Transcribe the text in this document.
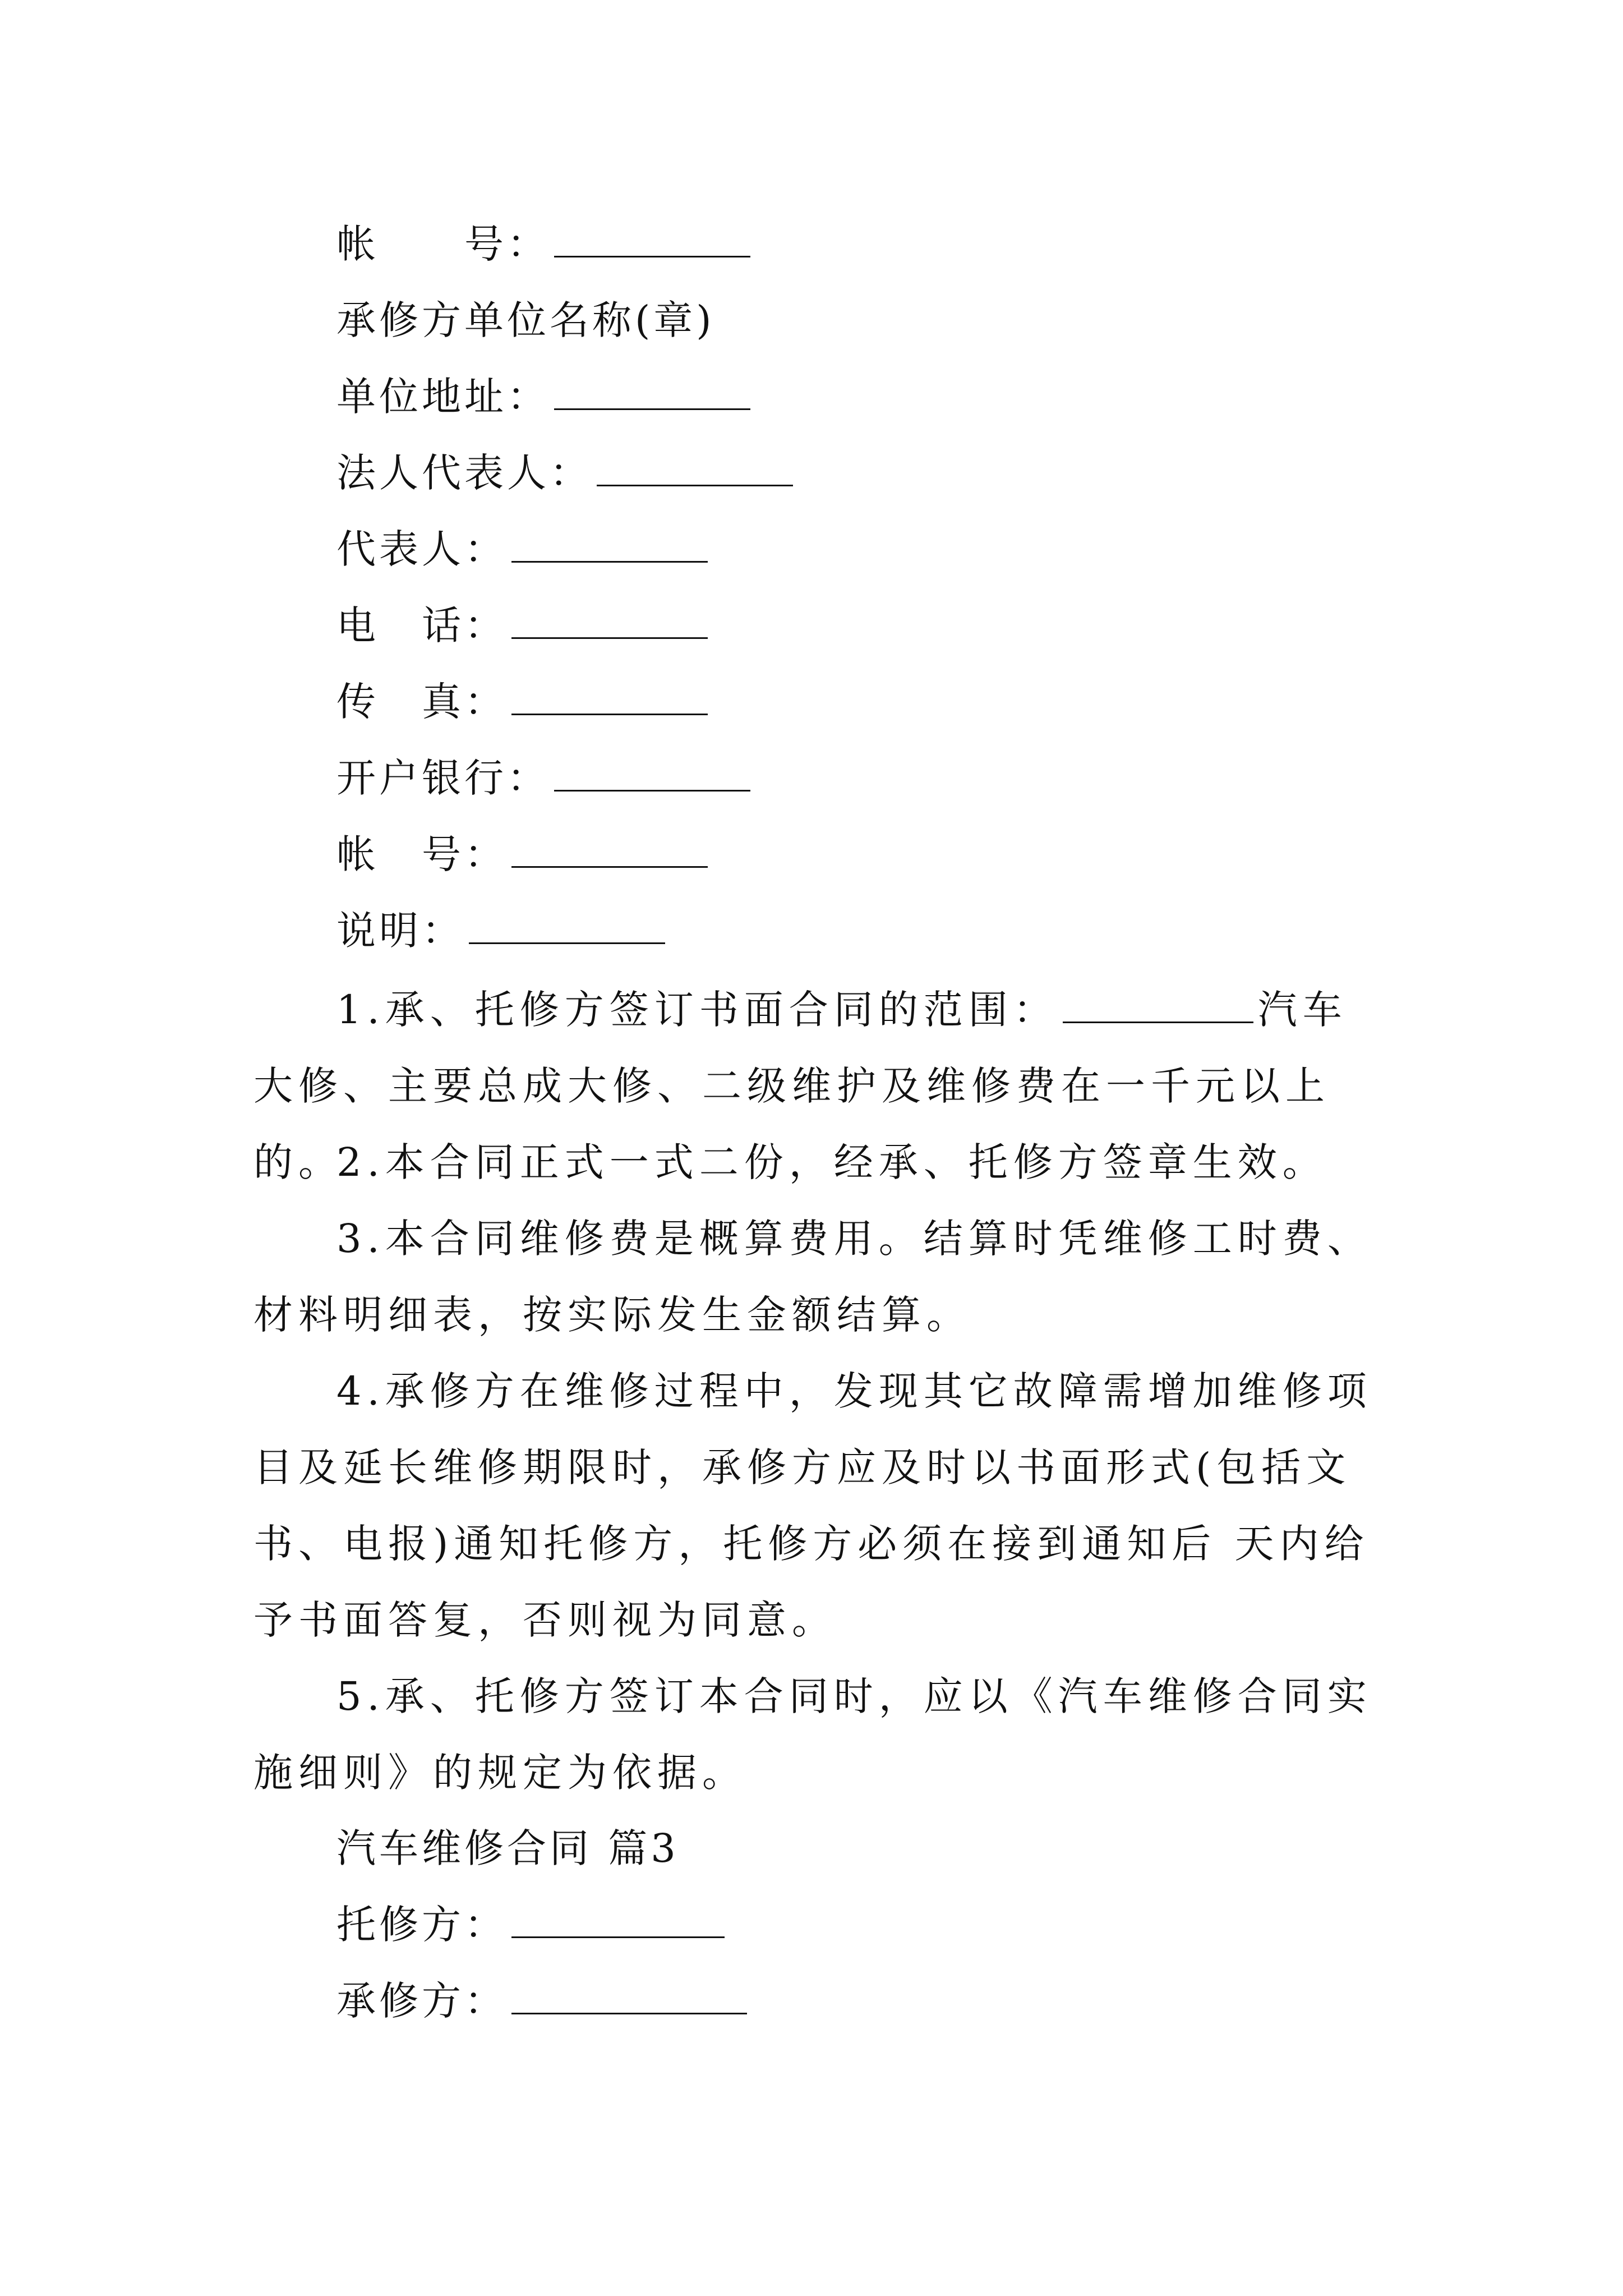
帐　　号：
承修方单位名称(章)
单位地址：
法人代表人：
代表人：
电　话：
传　真：
开户银行：
帐　号：
说明：
1.承、托修方签订书面合同的范围：	汽车大修、主要总成大修、二级维护及维修费在一千元以上的。
2.本合同正式一式二份，经承、托修方签章生效。
3.本合同维修费是概算费用。结算时凭维修工时费、材料明细表，按实际发生金额结算。
4.承修方在维修过程中，发现其它故障需增加维修项目及延长维修期限时，承修方应及时以书面形式(包括文书、电报)通知托修方，托修方必须在接到通知后 天内给予书面答复，否则视为同意。
5.承、托修方签订本合同时，应以《汽车维修合同实施细则》的规定为依据。
汽车维修合同 篇3
托修方：
承修方：
